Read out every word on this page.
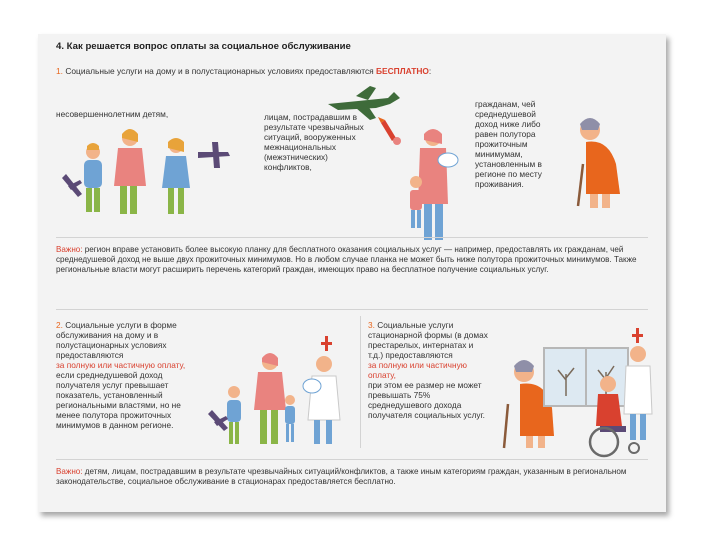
4. Как решается вопрос оплаты за социальное обслуживание
1. Социальные услуги на дому и в полустационарных условиях предоставляются БЕСПЛАТНО:
несовершеннолетним детям,	лицам, пострадавшим в результате чрезвычайных ситуаций, вооруженных межнациональных (межэтнических) конфликтов,
гражданам, чей среднедушевой доход ниже либо равен полутора прожиточным минимумам, установленным в регионе по месту проживания.
Важно: регион вправе установить более высокую планку для бесплатного оказания социальных услуг — например, предоставлять их гражданам, чей среднедушевой доход не выше двух прожиточных минимумов. Но в любом случае планка не может быть ниже полутора прожиточных минимумов. Также региональные власти могут расширить перечень категорий граждан, имеющих право на бесплатное получение социальных услуг.
2. Социальные услуги в форме обслуживания на дому и в полустационарных условиях предоставляются
за полную или частичную оплату,
если среднедушевой доход получателя услуг превышает показатель, установленный региональными властями, но не менее полутора прожиточных минимумов в данном регионе.
3. Социальные услуги стационарной формы (в домах престарелых, интернатах и т.д.) предоставляются
за полную или частичную оплату,
при этом ее размер не может превышать 75% среднедушевого дохода получателя социальных услуг.
Важно: детям, лицам, пострадавшим в результате чрезвычайных ситуаций/конфликтов, а также иным категориям граждан, указанным в региональном законодательстве, социальное обслуживание в стационарах предоставляется бесплатно.
